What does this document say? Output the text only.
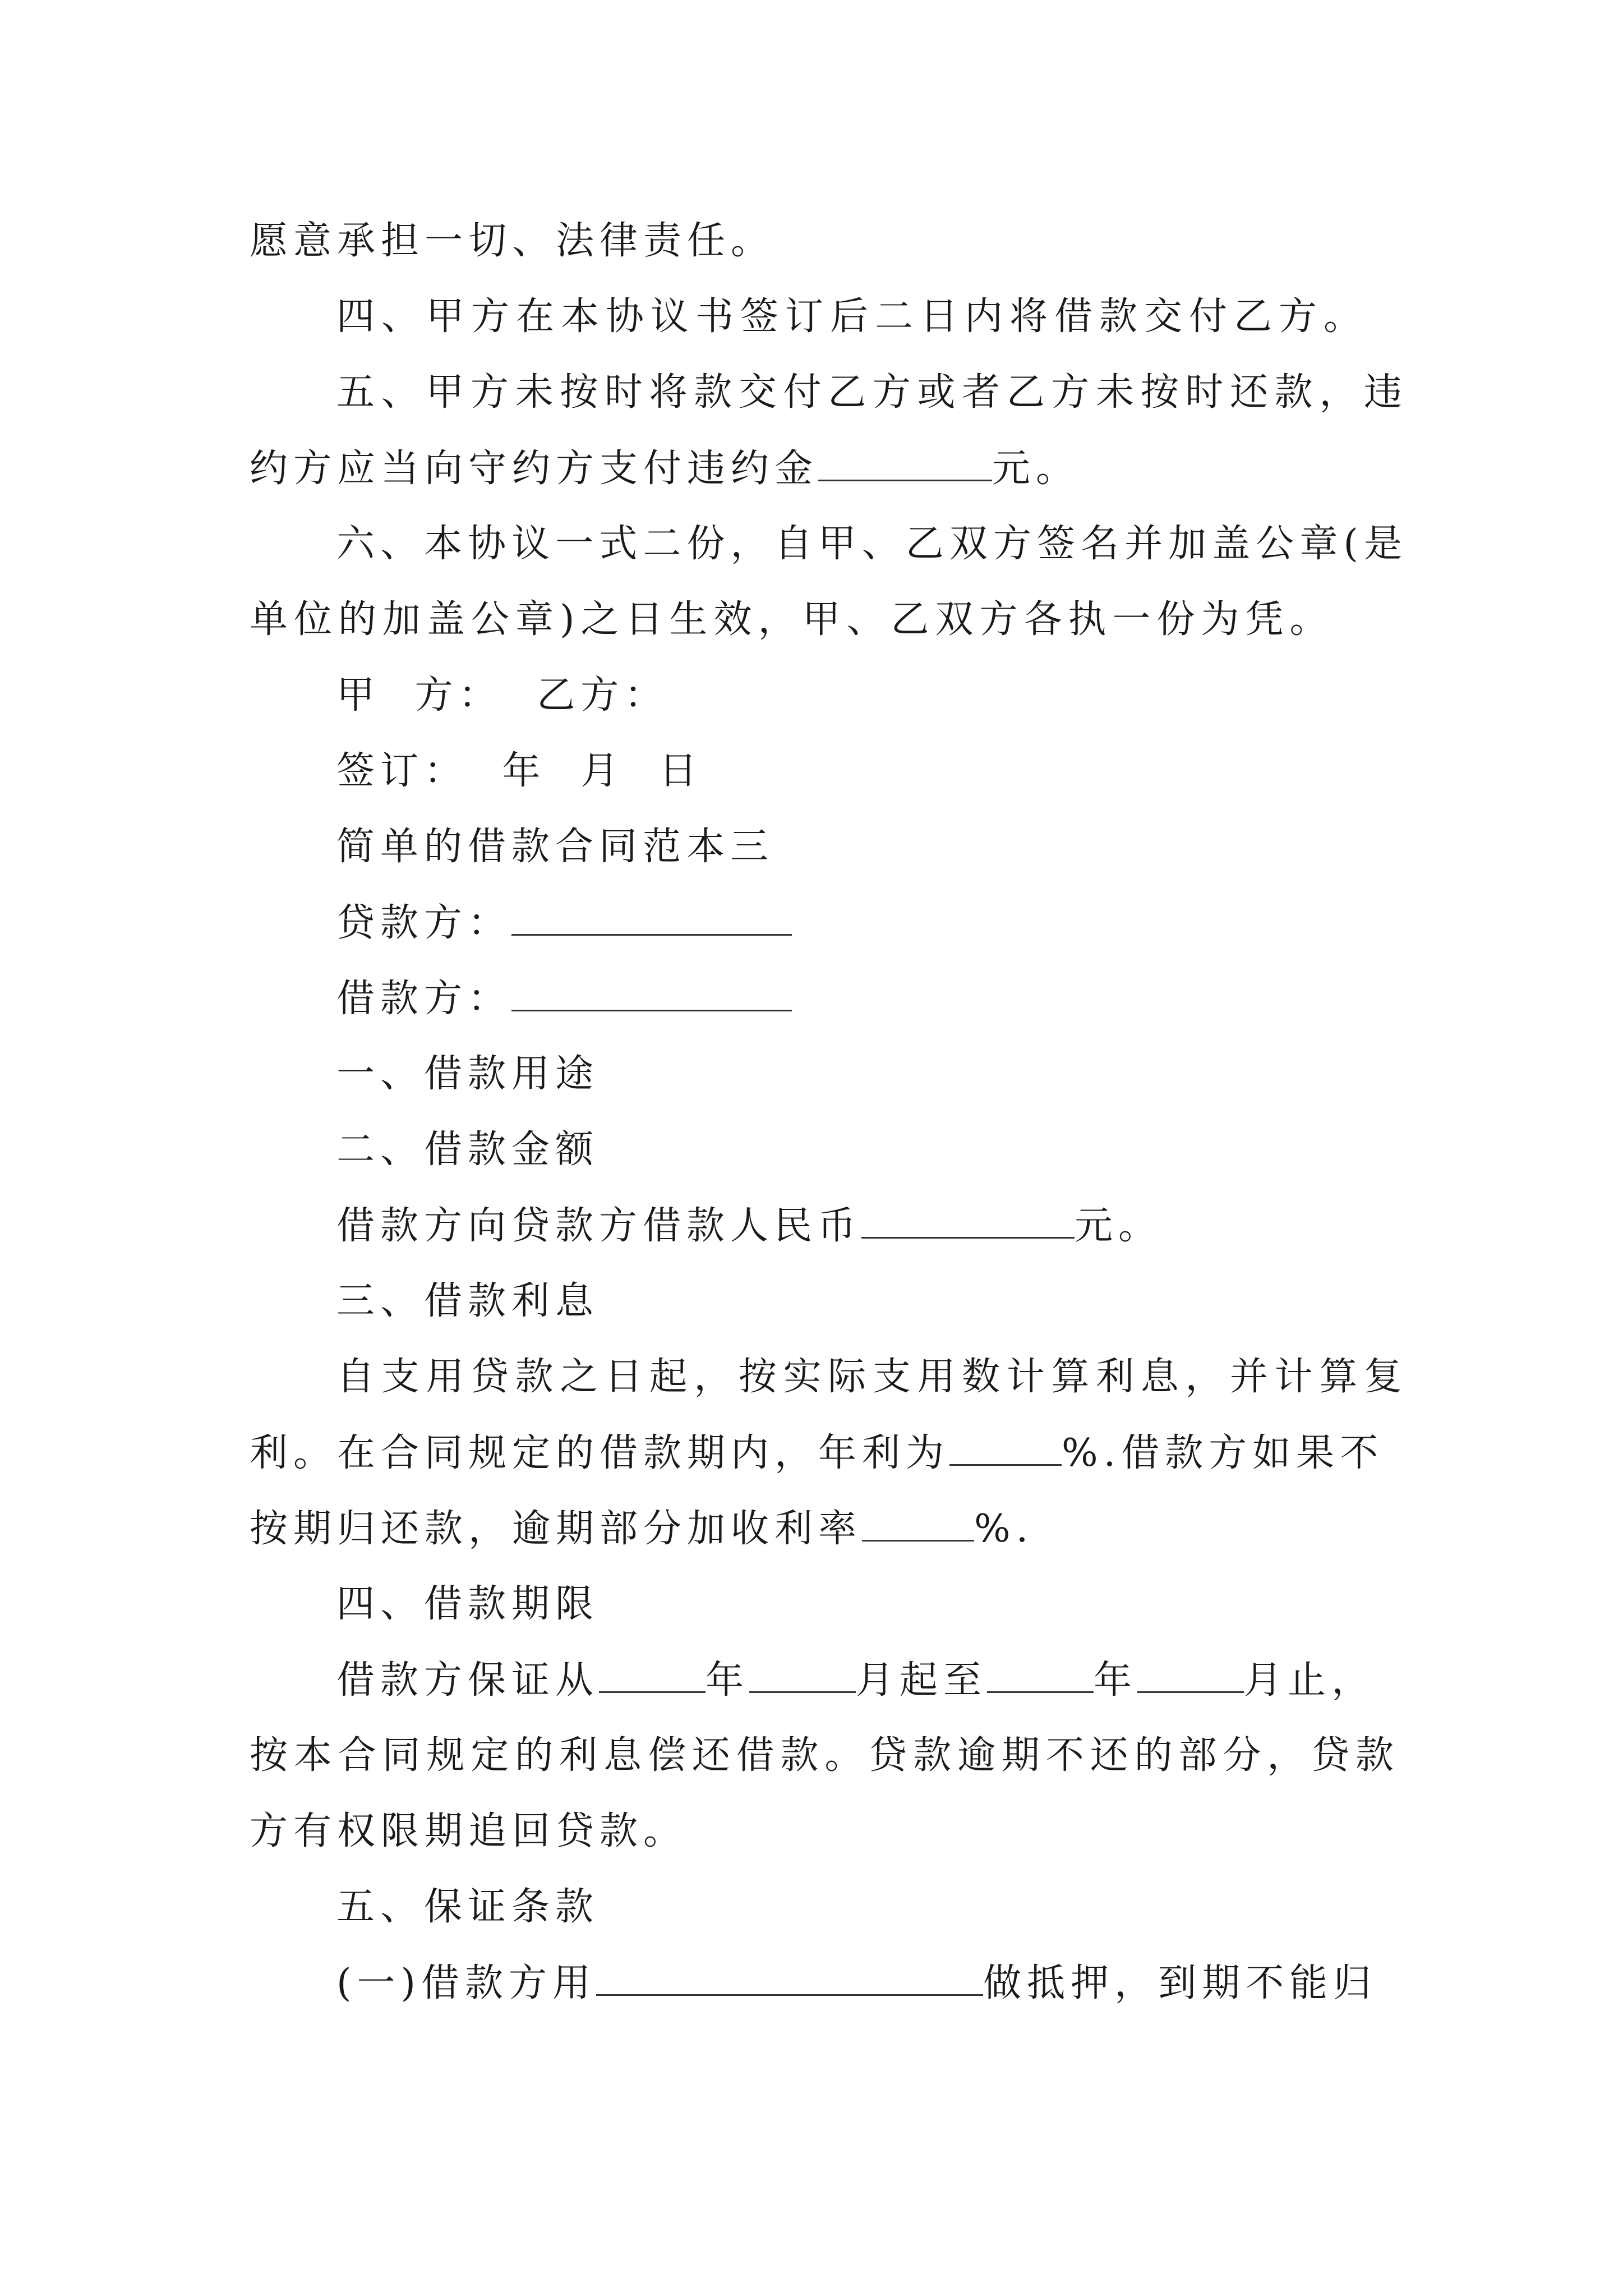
愿意承担一切、法律责任。
四、甲方在本协议书签订后二日内将借款交付乙方。
五、甲方未按时将款交付乙方或者乙方未按时还款，违
约方应当向守约方支付违约金	元。
六、本协议一式二份，自甲、乙双方签名并加盖公章(是
单位的加盖公章)之日生效，甲、乙双方各执一份为凭。
甲 方： 乙方：
签订： 年 月 日
简单的借款合同范本三
贷款方：
借款方：
一、借款用途
二、借款金额
借款方向贷款方借款人民币	元。
三、借款利息
自支用贷款之日起，按实际支用数计算利息，并计算复
利。在合同规定的借款期内，年利为	%.借款方如果不
按期归还款，逾期部分加收利率	%.
四、借款期限
借款方保证从	年	月起至	年	月止，
按本合同规定的利息偿还借款。贷款逾期不还的部分，贷款
方有权限期追回贷款。
五、保证条款
(一)借款方用	做抵押，到期不能归
